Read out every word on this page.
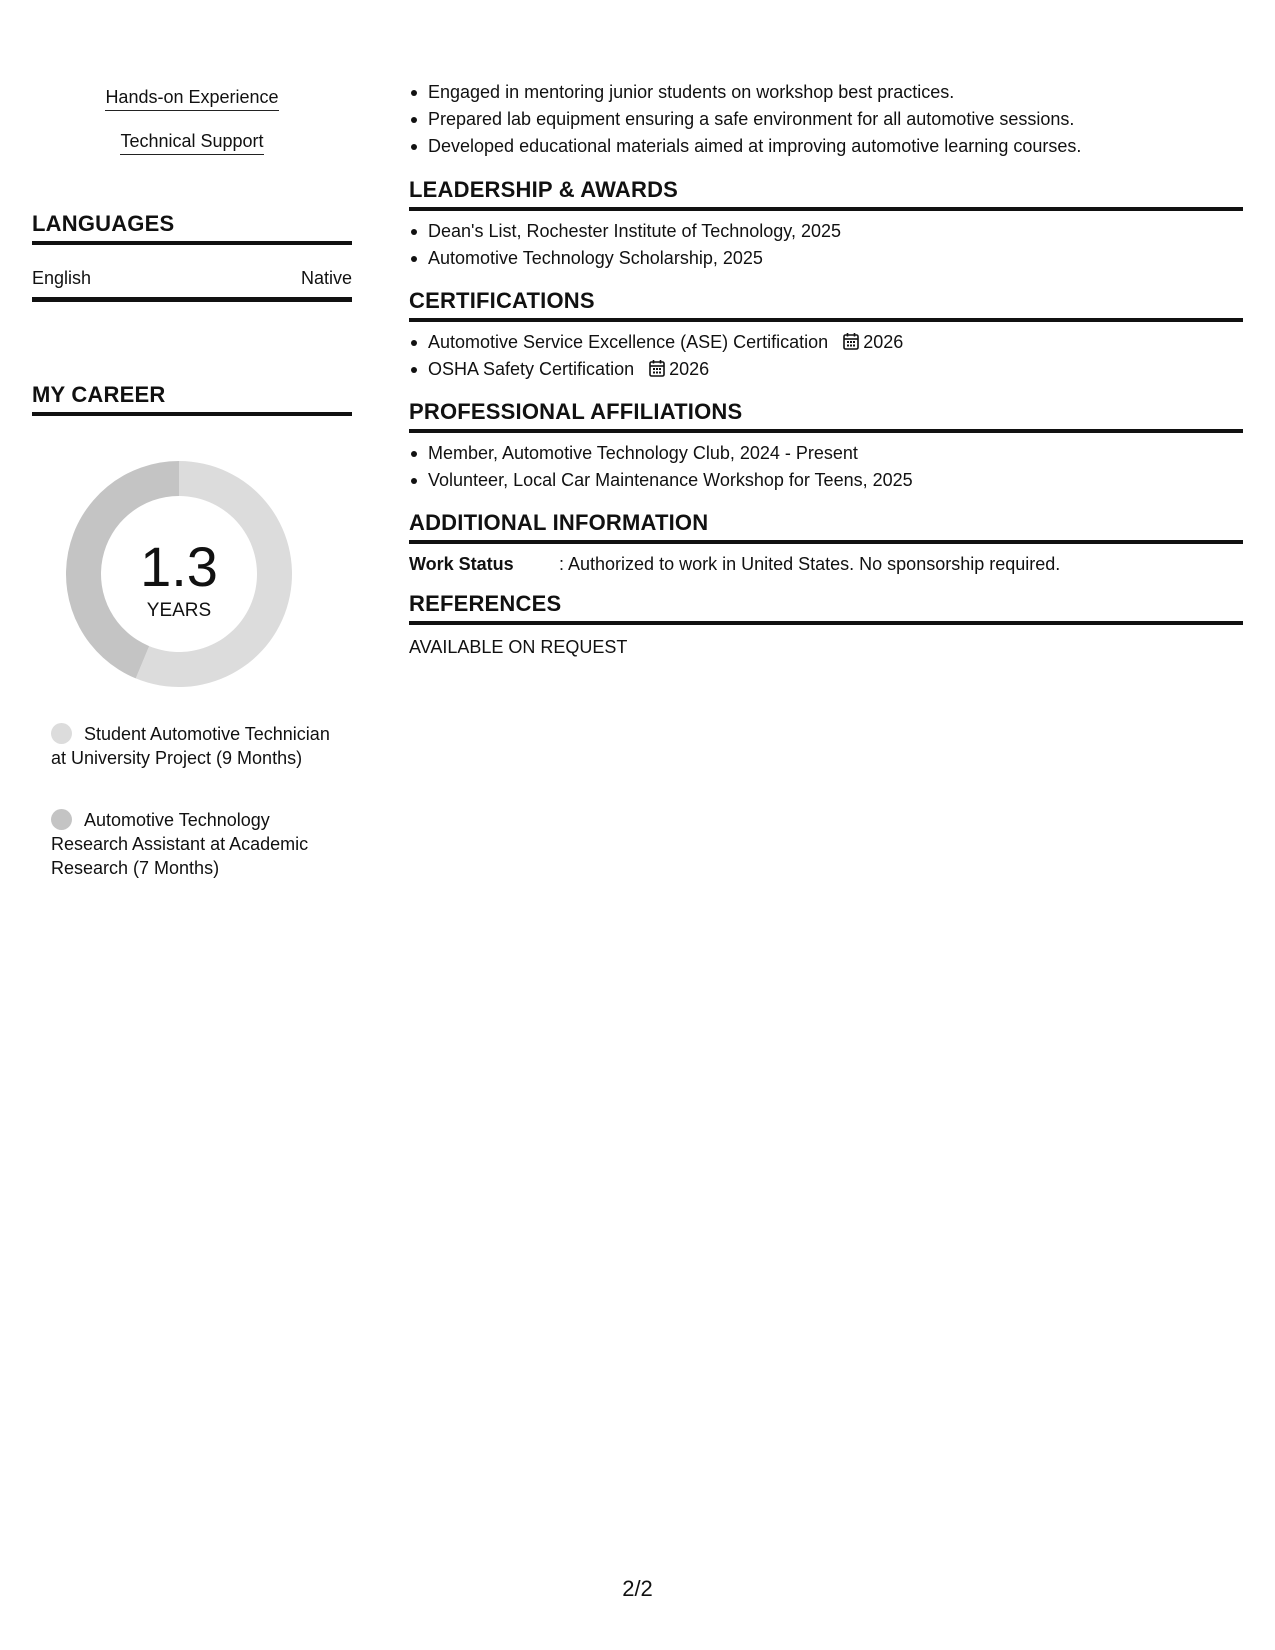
Hands-on Experience
Technical Support
LANGUAGES
English	Native
MY CAREER
1.3
YEARS
Student Automotive Technician at University Project (9 Months)
Automotive Technology Research Assistant at Academic Research (7 Months)
Engaged in mentoring junior students on workshop best practices.
Prepared lab equipment ensuring a safe environment for all automotive sessions.
Developed educational materials aimed at improving automotive learning courses.
LEADERSHIP & AWARDS
Dean's List, Rochester Institute of Technology, 2025
Automotive Technology Scholarship, 2025
CERTIFICATIONS
Automotive Service Excellence (ASE) Certification 2026
OSHA Safety Certification 2026
PROFESSIONAL AFFILIATIONS
Member, Automotive Technology Club, 2024 - Present
Volunteer, Local Car Maintenance Workshop for Teens, 2025
ADDITIONAL INFORMATION
Work Status	: Authorized to work in United States. No sponsorship required.
REFERENCES
AVAILABLE ON REQUEST
2/2
